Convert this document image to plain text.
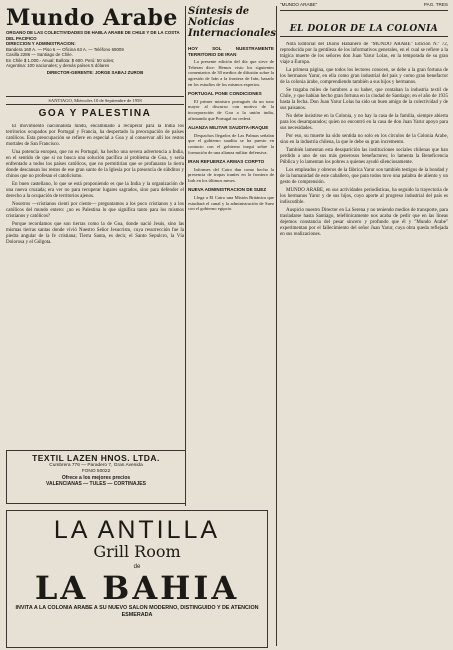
Mundo Arabe
ORGANO DE LAS COLECTIVIDADES DE HABLA ARABE DE CHILE Y DE LA COSTA DEL PACIFICO
DIRECCION Y ADMINISTRACION:
Bandera 160 A. — Piso 6 — Oficina 63 A. — Teléfono 69009
Casilla 2286 — Santiago de Chile.
En Chile $ 1.000.- Anual; Ballota: $ 600. Perú: 50 soles;
Argentina: 100 nacionales; y demás países 5 dólares
DIRECTOR-GERENTE: JORGE SABAJ ZUROB
SANTIAGO, Miércoles 10 de Septiembre de 1958
GOA Y PALESTINA

El movimiento nacionalista hindú, encaminado a recuperar para la India los territorios ocupados por Portugal y Francia, ha despertado la preocupación de países católicos. Esta preocupación se refiere en especial a Goa y al conservar allí los restos mortales de San Francisco.

Una potencia europea, que no es Portugal, ha hecho una severa advertencia a India, en el sentido de que si no busca una solución pacífica al problema de Goa, y sería enfrentado a todos los países católicos, que no permitirían que se profanaran la tierra donde descansan los restos de ese gran santo de la Iglesia por la presencia de súbditos y chinos que no profesan el catolicismo.

En buen castellano, lo que se está proponiendo es que la India y la organización de una nueva cruzada; era ver no para recuperar lugares sagrados, sino para defender el derecho a la ocupación de territorios ajenos.

Nosotros —cristianos cienti por ciento— preguntamos a los poco cristianos y a los católicos del mundo entero: ¿no es Palestina lo que significa tanto para los mismos cristianos y católicos?

Porque recordamos que son tierras como la de Goa, donde nació Jesús, sino las mismas tierras santas donde vivió Nuestro Señor Jesucristo, cuya resurrección fue la piedra angular de la fe cristiana; Tierra Santa, es decir, el Santo Sepulcro, la Vía Dolorosa y el Gólgota.

TEXTIL LAZEN HNOS. LTDA.
Cumbrera 776 — Paradero 7, Gran Avenida
FONO 50022
Ofrece a los mejores precios
VALENCIANAS — TULES — CORTINAJES
LA ANTILLA
Grill Room
de
LA BAHIA
INVITA A LA COLONIA ARABE A SU NUEVO SALON MODERNO, DISTINGUIDO Y DE ATENCION ESMERADA
Síntesis de Noticias Internacionales
HOY SOL NUESTRAMENTE TERRITORIO DE IRAN

La presente edición del día que sirve de Teheran dice: Hemos visto los siguientes comentarios de 30 medios de difusión sobre la agresión de Irán a la frontera de Irán, basado en los estudios de los mismos expertos.

PORTUGAL PONE CONDICIONES

El primer ministro portugués da un tono mayor al discurso con motivo de la incorporación de Goa a la unión india, afirmando que Portugal no cederá.

ALIANZA MILITAR SAUDITA-IRAQUE

Despachos llegados de Las Palmas señalan que el gobierno saudita se ha puesto en contacto con el gobierno iraquí sobre la formación de una alianza militar defensiva.

IRAN REFUERZA ARMAS CORPTO

Informes del Cairo dan como hecho la presencia de tropas iraníes en la frontera de Irak en los últimos meses.

NUEVA ADMINISTRACION DE SUEZ

Llega a El Cairo una Misión Británica que estudiará el canal y la administración de Suez con el gobierno egipcio.

"MUNDO ARABE"	PAG. TRES
EL DOLOR DE LA COLONIA

Nota Editorial del Diario Habanero de "MUNDO ARABE" Edición N.º 72, reproducida por la gentileza de los informativos generales, en el cual se refiere a la trágica muerte de los señores don Juan Yarur Lolas, en la temporada de su gran viaje a Europa.

La primera página, que todos los lectores conocen, se debe a la gran fortuna de los hermanos Yarur, en ella como gran industrial del país y como gran benefactor de la colonia árabe, comprendiendo también a sus hijos y hermanos.

Se tragaba miles de hombres a su haber, que contaban la industria textil de Chile, y que habían hecho gran fortuna en la ciudad de Santiago; en el año de 1935 hasta la fecha. Don Juan Yarur Lolas ha sido un buen amigo de la colectividad y de sus paisanos.

No debe insistirse en la Colonia, y no hay la casa de la familia, siempre abierta para los desamparados; quien no encontró en la casa de don Juan Yarur apoyo para sus necesidades.

Por eso, su muerte ha sido sentida no solo en los círculos de la Colonia Arabe, sino en la industria chilena, la que le debe su gran incremento.

También lamentan esta desaparición las instituciones sociales chilenas que han perdido a uno de sus más generosos benefactores; lo lamenta la Beneficencia Pública y lo lamentan los pobres a quienes ayudó silenciosamente.

Los empleados y obreros de la fábrica Yarur son también testigos de la bondad y de la humanidad de este caballero, que para todos tuvo una palabra de aliento y un gesto de comprensión.

MUNDO ARABE, en sus actividades periodísticas, ha seguido la trayectoria de los hermanos Yarur y de sus hijos, cuyo aporte al progreso industrial del país es indiscutible.

Auspicio nuestro Director en La Serena y no teniendo medios de transporte, para trasladarse hasta Santiago, telefónicamente nos acaba de pedir que en las líneas dejemos constancia del pesar sincero y profundo que él y "Mundo Arabe" experimentan por el fallecimiento del señor Juan Yarur, cuya obra queda reflejada en sus realizaciones.
